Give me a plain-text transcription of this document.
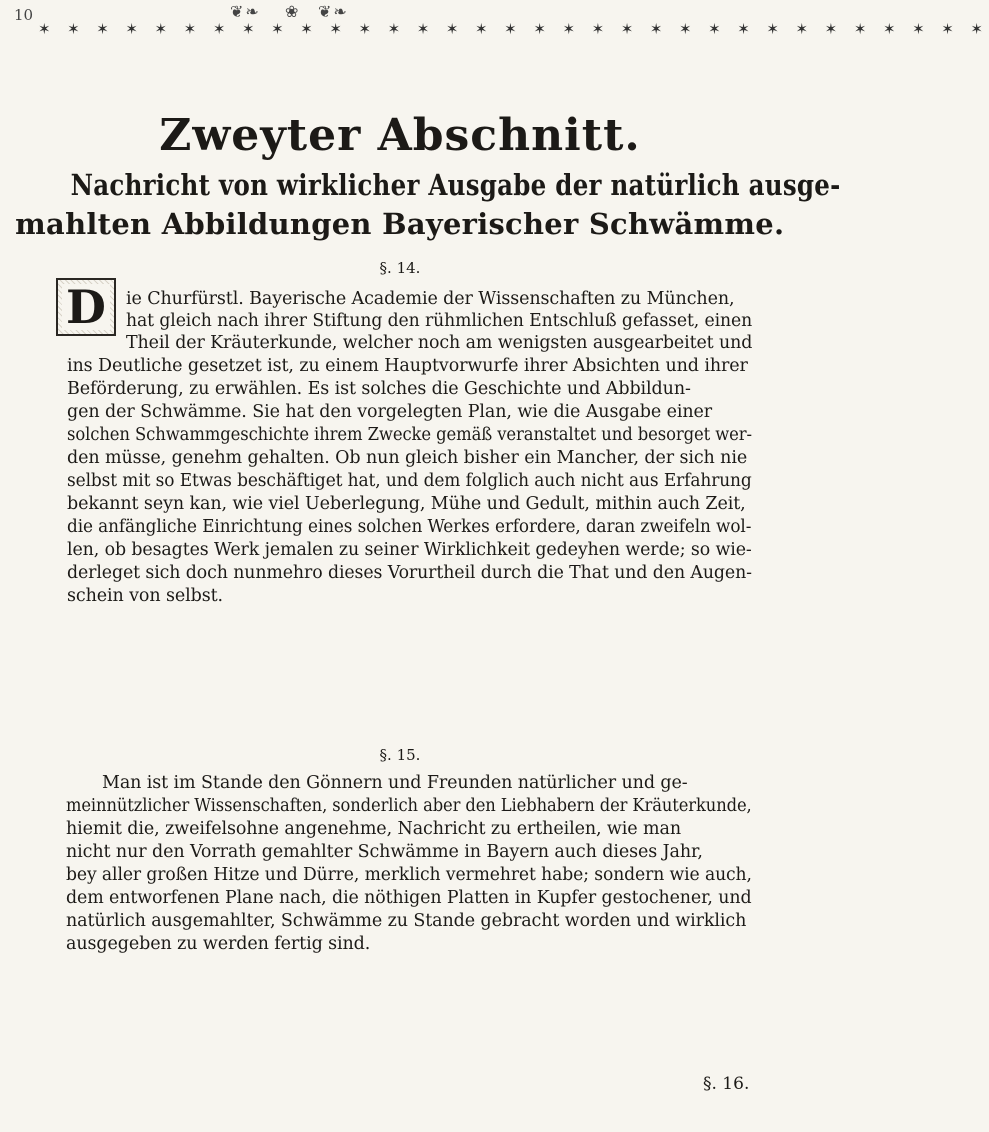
10	❦❧ ❀ ❦❧
✶ ✶ ✶ ✶ ✶ ✶ ✶ ✶ ✶ ✶ ✶ ✶ ✶ ✶ ✶ ✶ ✶ ✶ ✶ ✶ ✶ ✶ ✶ ✶ ✶ ✶ ✶ ✶ ✶ ✶ ✶ ✶ ✶
Zweyter Abschnitt.
Nachricht von wirklicher Ausgabe der natürlich ausge-
mahlten Abbildungen Bayerischer Schwämme.
§. 14.
D ie Churfürstl. Bayerische Academie der Wissenschaften zu München,
hat gleich nach ihrer Stiftung den rühmlichen Entschluß gefasset, einen
Theil der Kräuterkunde, welcher noch am wenigsten ausgearbeitet und
ins Deutliche gesetzet ist, zu einem Hauptvorwurfe ihrer Absichten und ihrer
Beförderung, zu erwählen. Es ist solches die Geschichte und Abbildun-
gen der Schwämme. Sie hat den vorgelegten Plan, wie die Ausgabe einer
solchen Schwammgeschichte ihrem Zwecke gemäß veranstaltet und besorget wer-
den müsse, genehm gehalten. Ob nun gleich bisher ein Mancher, der sich nie
selbst mit so Etwas beschäftiget hat, und dem folglich auch nicht aus Erfahrung
bekannt seyn kan, wie viel Ueberlegung, Mühe und Gedult, mithin auch Zeit,
die anfängliche Einrichtung eines solchen Werkes erfordere, daran zweifeln wol-
len, ob besagtes Werk jemalen zu seiner Wirklichkeit gedeyhen werde; so wie-
derleget sich doch nunmehro dieses Vorurtheil durch die That und den Augen-
schein von selbst.
§. 15.
Man ist im Stande den Gönnern und Freunden natürlicher und ge-
meinnützlicher Wissenschaften, sonderlich aber den Liebhabern der Kräuterkunde,
hiemit die, zweifelsohne angenehme, Nachricht zu ertheilen, wie man
nicht nur den Vorrath gemahlter Schwämme in Bayern auch dieses Jahr,
bey aller großen Hitze und Dürre, merklich vermehret habe; sondern wie auch,
dem entworfenen Plane nach, die nöthigen Platten in Kupfer gestochener, und
natürlich ausgemahlter, Schwämme zu Stande gebracht worden und wirklich
ausgegeben zu werden fertig sind.
§. 16.
